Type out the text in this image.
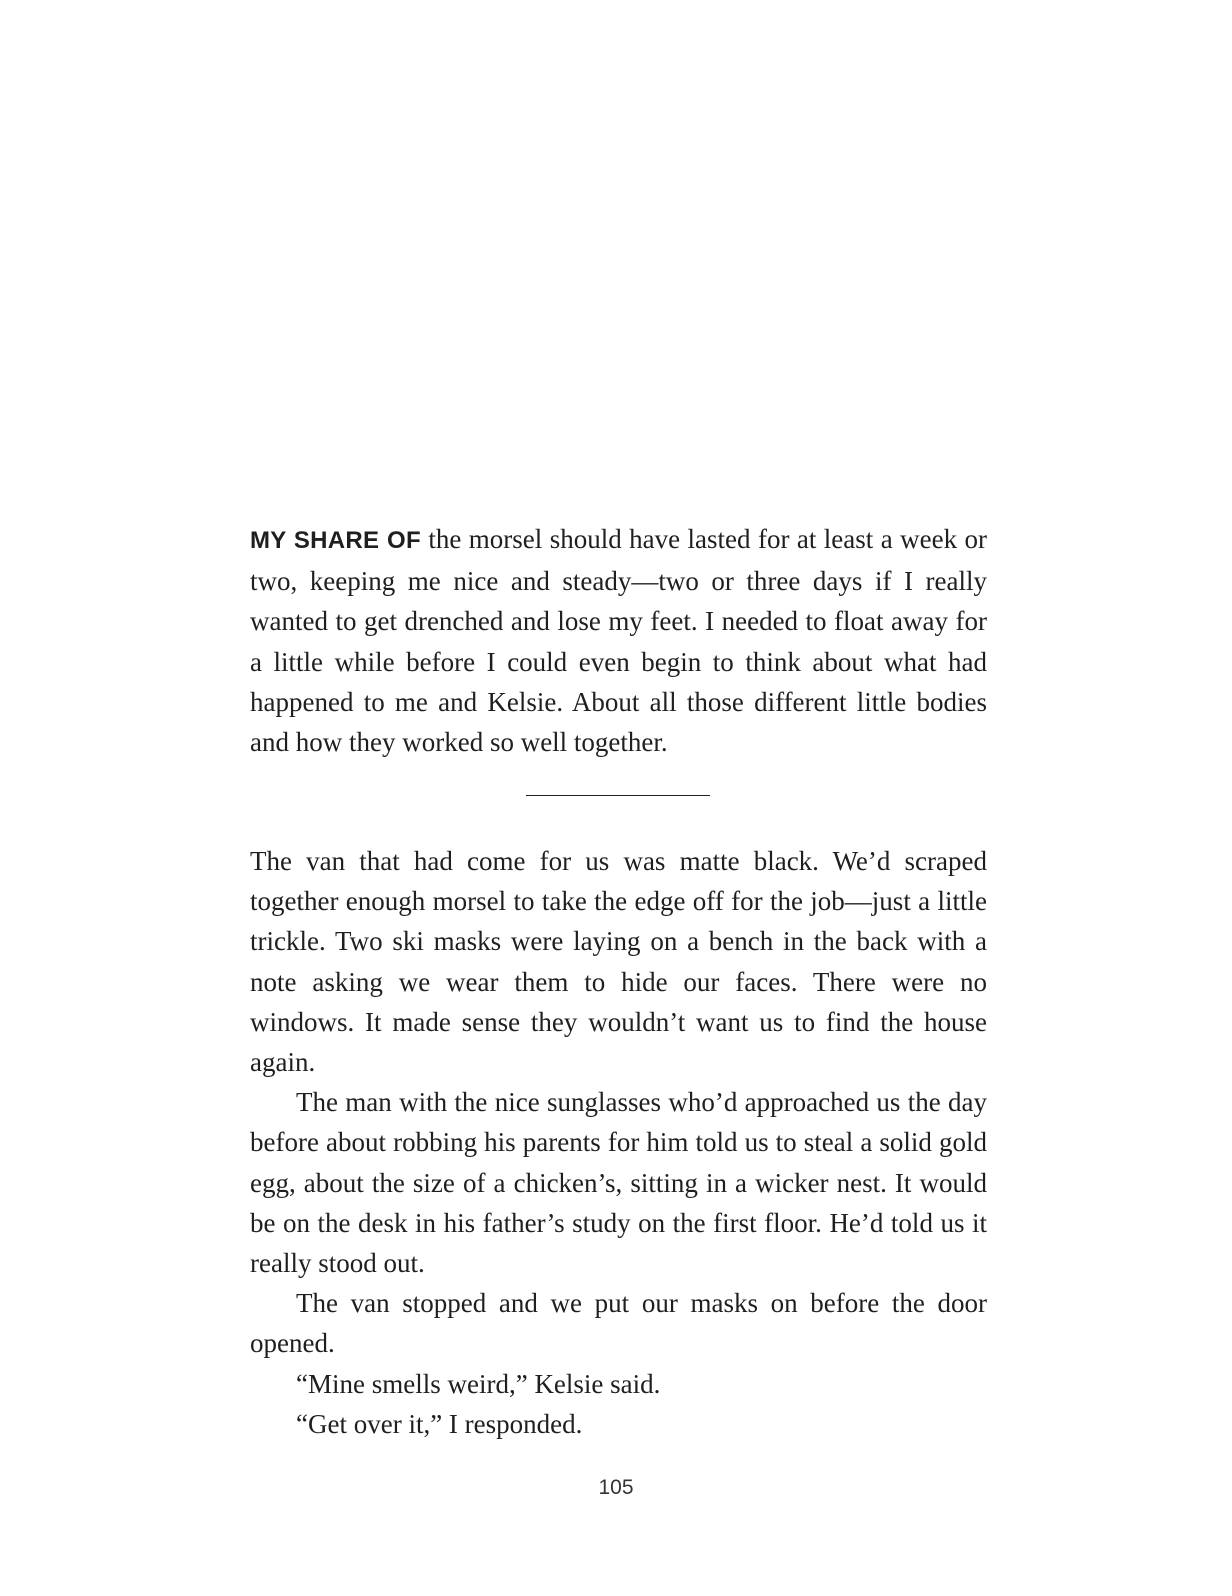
MY SHARE OF the morsel should have lasted for at least a week or two, keeping me nice and steady—two or three days if I really wanted to get drenched and lose my feet. I needed to float away for a little while before I could even begin to think about what had happened to me and Kelsie. About all those different little bodies and how they worked so well together.

The van that had come for us was matte black. We’d scraped together enough morsel to take the edge off for the job—just a little trickle. Two ski masks were laying on a bench in the back with a note asking we wear them to hide our faces. There were no windows. It made sense they wouldn’t want us to find the house again.

The man with the nice sunglasses who’d approached us the day before about robbing his parents for him told us to steal a solid gold egg, about the size of a chicken’s, sitting in a wicker nest. It would be on the desk in his father’s study on the first floor. He’d told us it really stood out.

The van stopped and we put our masks on before the door opened.

“Mine smells weird,” Kelsie said.

“Get over it,” I responded.

105
